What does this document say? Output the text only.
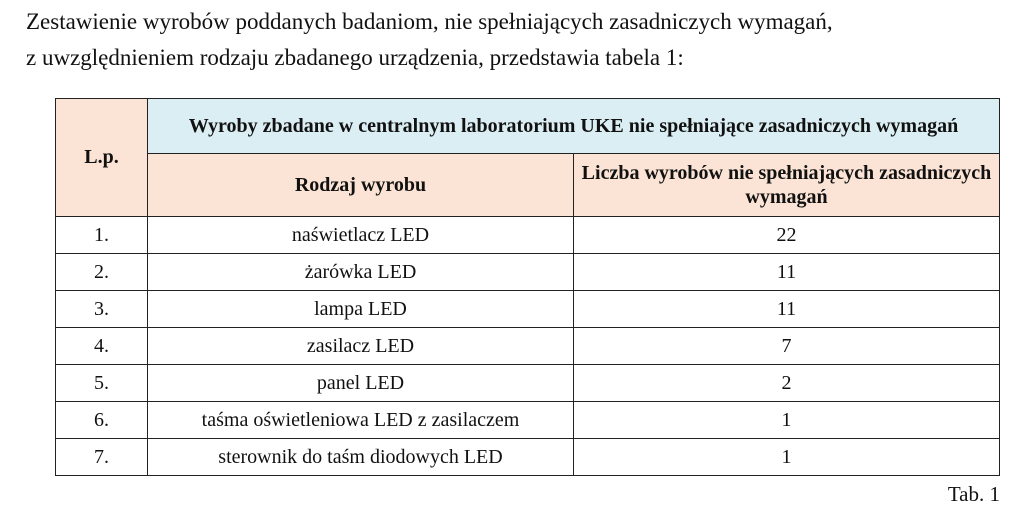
Zestawienie wyrobów poddanych badaniom, nie spełniających zasadniczych wymagań,

z uwzględnieniem rodzaju zbadanego urządzenia, przedstawia tabela 1:

L.p.	Wyroby zbadane w centralnym laboratorium UKE nie spełniające zasadniczych wymagań	
	Rodzaj wyrobu	Liczba wyrobów nie spełniających zasadniczych wymagań
1.	naświetlacz LED	22
2.	żarówka LED	11
3.	lampa LED	11
4.	zasilacz LED	7
5.	panel LED	2
6.	taśma oświetleniowa LED z zasilaczem	1
7.	sterownik do taśm diodowych LED	1

Tab. 1
